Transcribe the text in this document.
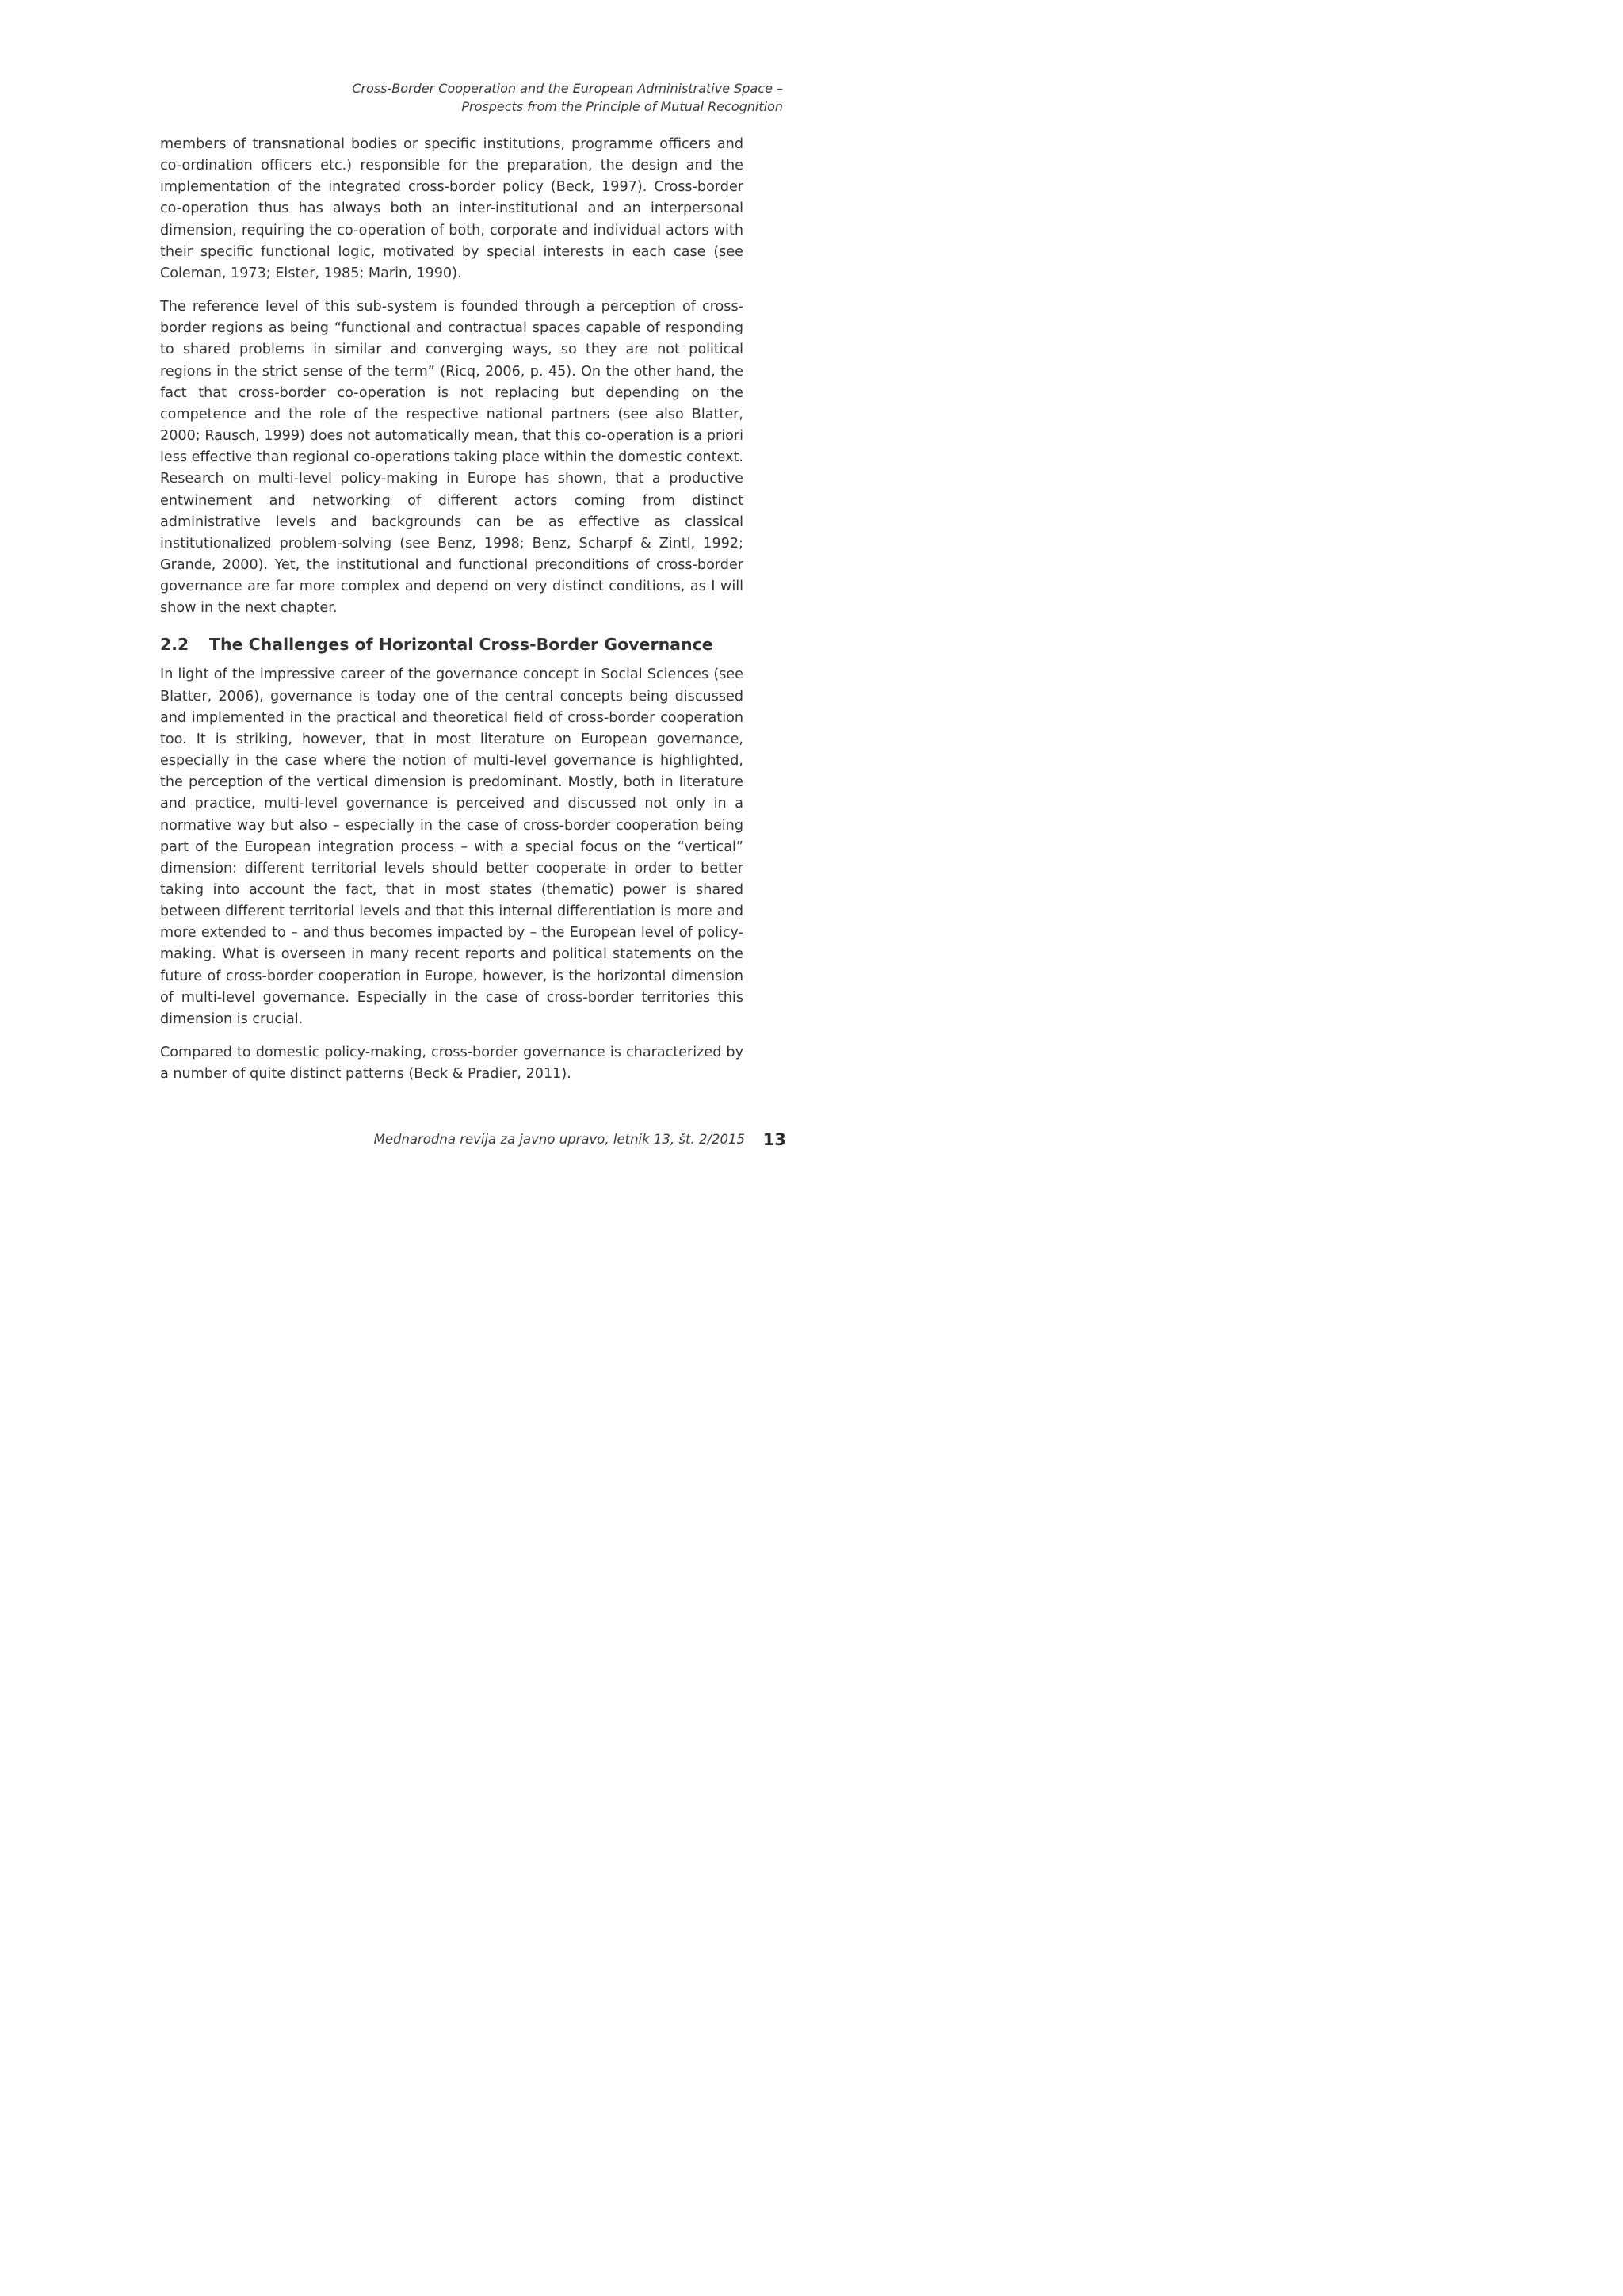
Cross-Border Cooperation and the European Administrative Space –
Prospects from the Principle of Mutual Recognition

members of transnational bodies or specific institutions, programme officers and co-ordination officers etc.) responsible for the preparation, the design and the implementation of the integrated cross-border policy (Beck, 1997). Cross-border co-operation thus has always both an inter-institutional and an interpersonal dimension, requiring the co-operation of both, corporate and individual actors with their specific functional logic, motivated by special interests in each case (see Coleman, 1973; Elster, 1985; Marin, 1990).

The reference level of this sub-system is founded through a perception of cross-border regions as being “functional and contractual spaces capable of responding to shared problems in similar and converging ways, so they are not political regions in the strict sense of the term” (Ricq, 2006, p. 45). On the other hand, the fact that cross-border co-operation is not replacing but depending on the competence and the role of the respective national partners (see also Blatter, 2000; Rausch, 1999) does not automatically mean, that this co-operation is a priori less effective than regional co-operations taking place within the domestic context. Research on multi-level policy-making in Europe has shown, that a productive entwinement and networking of different actors coming from distinct administrative levels and backgrounds can be as effective as classical institutionalized problem-solving (see Benz, 1998; Benz, Scharpf & Zintl, 1992; Grande, 2000). Yet, the institutional and functional preconditions of cross-border governance are far more complex and depend on very distinct conditions, as I will show in the next chapter.

2.2 The Challenges of Horizontal Cross-Border Governance

In light of the impressive career of the governance concept in Social Sciences (see Blatter, 2006), governance is today one of the central concepts being discussed and implemented in the practical and theoretical field of cross-border cooperation too. It is striking, however, that in most literature on European governance, especially in the case where the notion of multi-level governance is highlighted, the perception of the vertical dimension is predominant. Mostly, both in literature and practice, multi-level governance is perceived and discussed not only in a normative way but also – especially in the case of cross-border cooperation being part of the European integration process – with a special focus on the “vertical” dimension: different territorial levels should better cooperate in order to better taking into account the fact, that in most states (thematic) power is shared between different territorial levels and that this internal differentiation is more and more extended to – and thus becomes impacted by – the European level of policy-making. What is overseen in many recent reports and political statements on the future of cross-border cooperation in Europe, however, is the horizontal dimension of multi-level governance. Especially in the case of cross-border territories this dimension is crucial.

Compared to domestic policy-making, cross-border governance is characterized by a number of quite distinct patterns (Beck & Pradier, 2011).

Mednarodna revija za javno upravo, letnik 13, št. 2/2015 13
